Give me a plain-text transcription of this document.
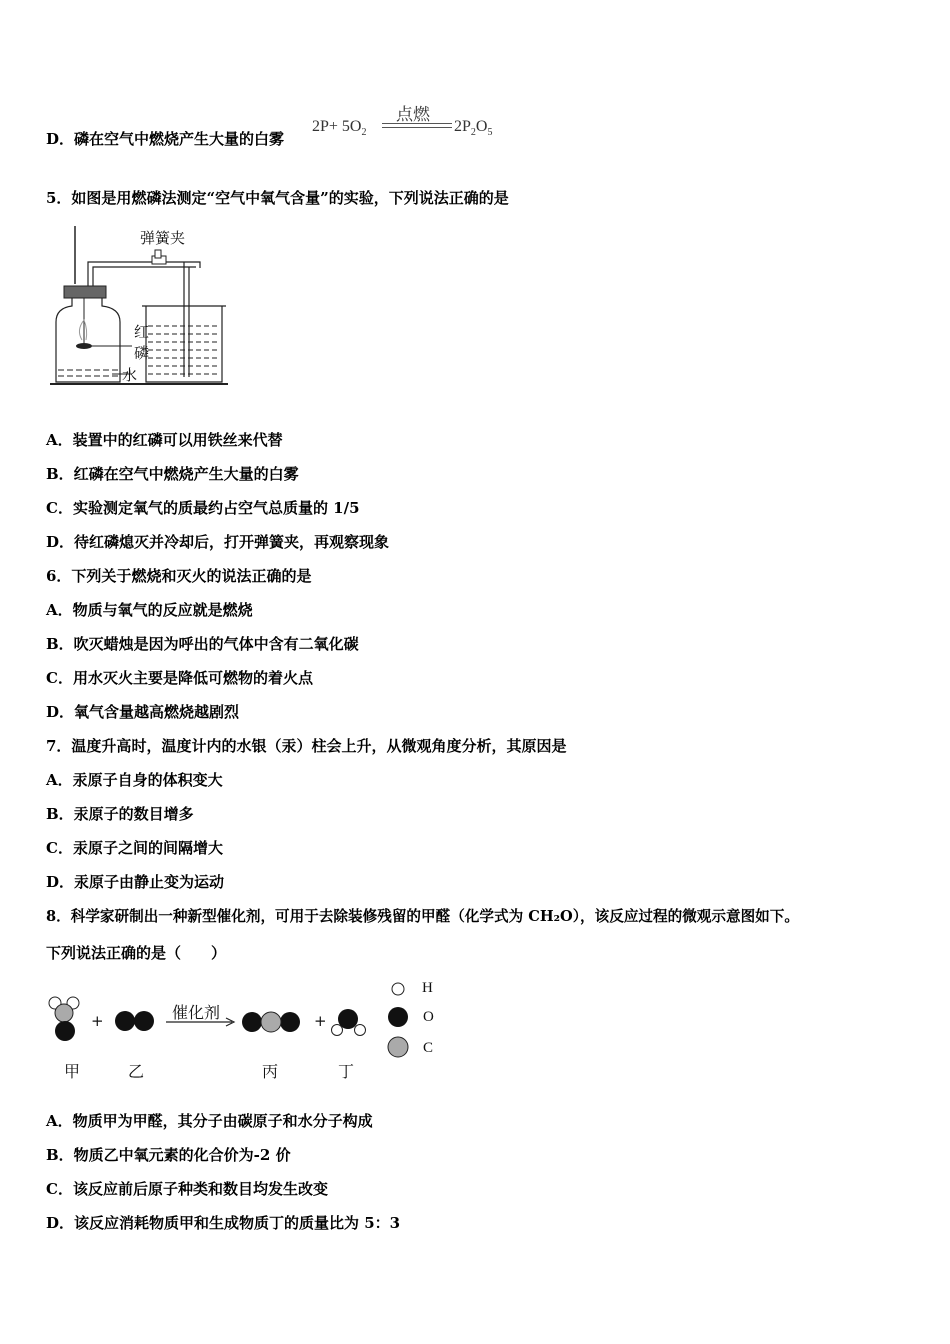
D．磷在空气中燃烧产生大量的白雾
$2P+ 5O_2$
点燃
$2P_2O_5$
5．如图是用燃磷法测定“空气中氧气含量”的实验，下列说法正确的是
弹簧夹
红
磷
水
A．装置中的红磷可以用铁丝来代替
B．红磷在空气中燃烧产生大量的白雾
C．实验测定氧气的质最约占空气总质量的 1/5
D．待红磷熄灭并冷却后，打开弹簧夹，再观察现象
6．下列关于燃烧和灭火的说法正确的是
A．物质与氧气的反应就是燃烧
B．吹灭蜡烛是因为呼出的气体中含有二氧化碳
C．用水灭火主要是降低可燃物的着火点
D．氧气含量越高燃烧越剧烈
7．温度升高时，温度计内的水银（汞）柱会上升，从微观角度分析，其原因是
A．汞原子自身的体积变大
B．汞原子的数目增多
C．汞原子之间的间隔增大
D．汞原子由静止变为运动
8．科学家研制出一种新型催化剂，可用于去除装修残留的甲醛（化学式为 CH₂O），该反应过程的微观示意图如下。
下列说法正确的是（　　）
催化剂
+	+
甲	乙	丙	丁
H
O
C
A．物质甲为甲醛，其分子由碳原子和水分子构成
B．物质乙中氧元素的化合价为-2 价
C．该反应前后原子种类和数目均发生改变
D．该反应消耗物质甲和生成物质丁的质量比为 5：3
